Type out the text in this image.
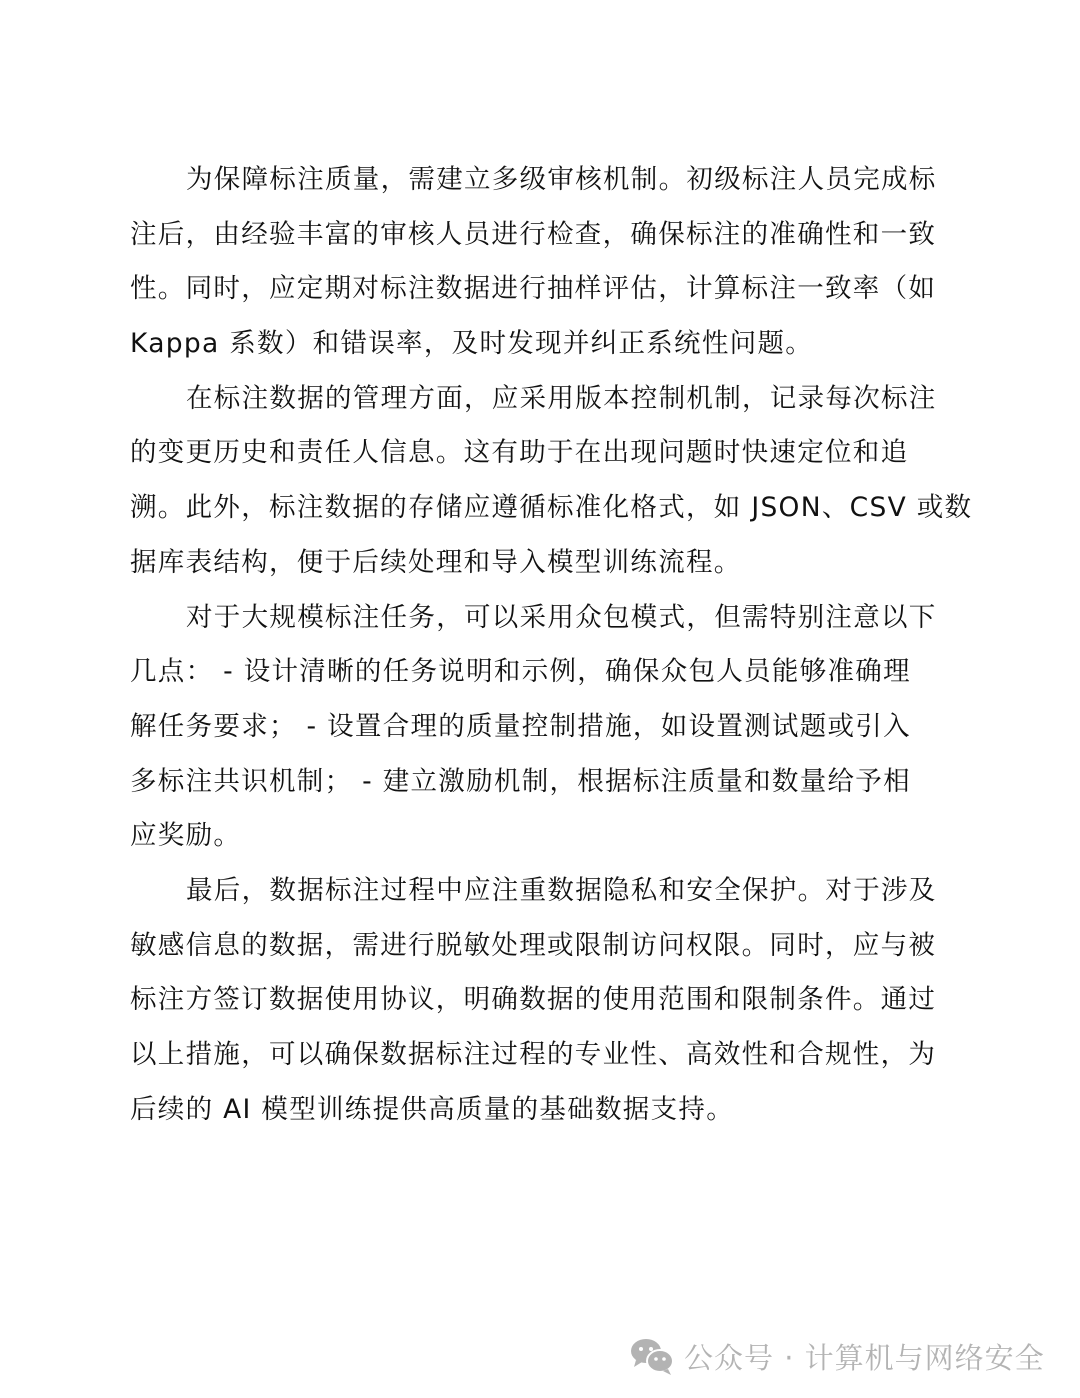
为保障标注质量，需建立多级审核机制。初级标注人员完成标
注后，由经验丰富的审核人员进行检查，确保标注的准确性和一致
性。同时，应定期对标注数据进行抽样评估，计算标注一致率（如
Kappa 系数）和错误率，及时发现并纠正系统性问题。
在标注数据的管理方面，应采用版本控制机制，记录每次标注
的变更历史和责任人信息。这有助于在出现问题时快速定位和追
溯。此外，标注数据的存储应遵循标准化格式，如 JSON、CSV 或数
据库表结构，便于后续处理和导入模型训练流程。
对于大规模标注任务，可以采用众包模式，但需特别注意以下
几点： - 设计清晰的任务说明和示例，确保众包人员能够准确理
解任务要求； - 设置合理的质量控制措施，如设置测试题或引入
多标注共识机制； - 建立激励机制，根据标注质量和数量给予相
应奖励。
最后，数据标注过程中应注重数据隐私和安全保护。对于涉及
敏感信息的数据，需进行脱敏处理或限制访问权限。同时，应与被
标注方签订数据使用协议，明确数据的使用范围和限制条件。通过
以上措施，可以确保数据标注过程的专业性、高效性和合规性，为
后续的 AI 模型训练提供高质量的基础数据支持。
公众号 · 计算机与网络安全
